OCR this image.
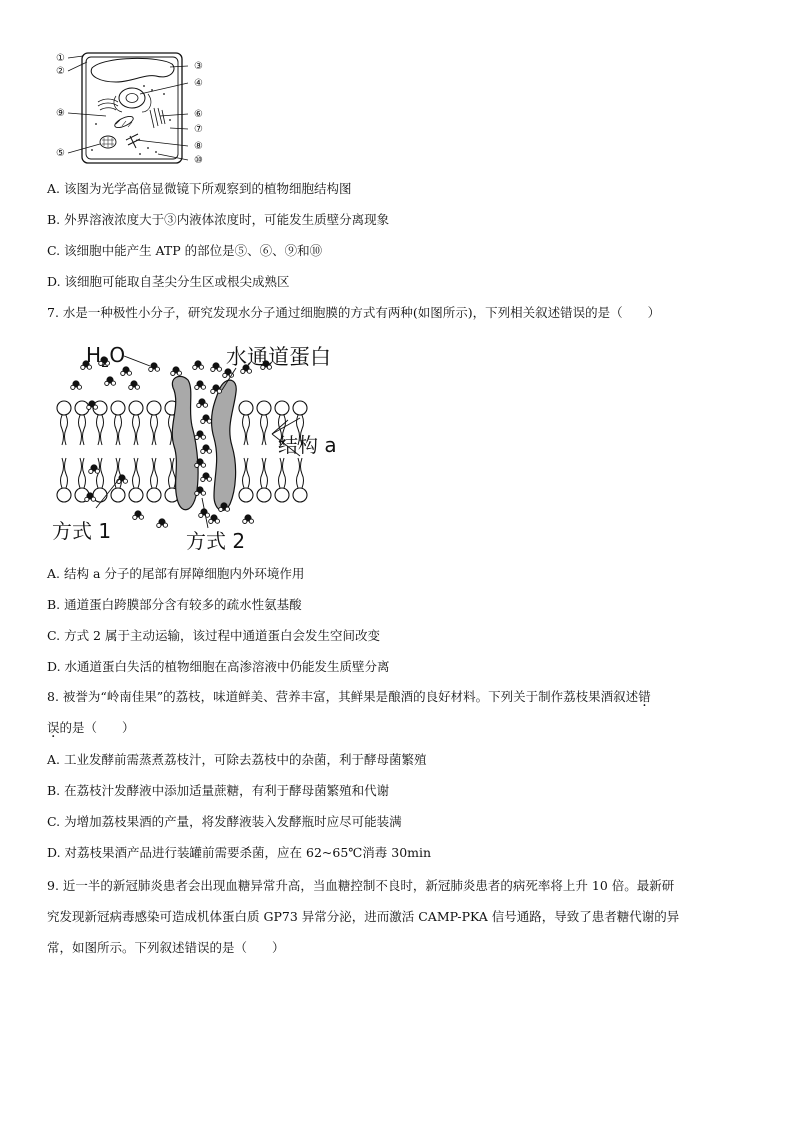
①
②	③
④
⑤
⑥
⑦
⑧
⑨
⑩
A. 该图为光学高倍显微镜下所观察到的植物细胞结构图
B. 外界溶液浓度大于③内液体浓度时，可能发生质壁分离现象
C. 该细胞中能产生 ATP 的部位是⑤、⑥、⑨和⑩
D. 该细胞可能取自茎尖分生区或根尖成熟区
7. 水是一种极性小分子，研究发现水分子通过细胞膜的方式有两种(如图所示)，下列相关叙述错误的是（　　）
$H_2O$	水通道蛋白
结构 a
方式 1	方式 2
A. 结构 a 分子的尾部有屏障细胞内外环境作用
B. 通道蛋白跨膜部分含有较多的疏水性氨基酸
C. 方式 2 属于主动运输，该过程中通道蛋白会发生空间改变
D. 水通道蛋白失活的植物细胞在高渗溶液中仍能发生质壁分离
8. 被誉为“岭南佳果”的荔枝，味道鲜美、营养丰富，其鲜果是酿酒的良好材料。下列关于制作荔枝果酒叙述错
误的是（　　）
A. 工业发酵前需蒸煮荔枝汁，可除去荔枝中的杂菌，利于酵母菌繁殖
B. 在荔枝汁发酵液中添加适量蔗糖，有利于酵母菌繁殖和代谢
C. 为增加荔枝果酒的产量，将发酵液装入发酵瓶时应尽可能装满
D. 对荔枝果酒产品进行装罐前需要杀菌，应在 62~65℃消毒 30min
9. 近一半的新冠肺炎患者会出现血糖异常升高，当血糖控制不良时，新冠肺炎患者的病死率将上升 10 倍。最新研
究发现新冠病毒感染可造成机体蛋白质 GP73 异常分泌，进而激活 CAMP-PKA 信号通路，导致了患者糖代谢的异
常，如图所示。下列叙述错误的是（　　）
